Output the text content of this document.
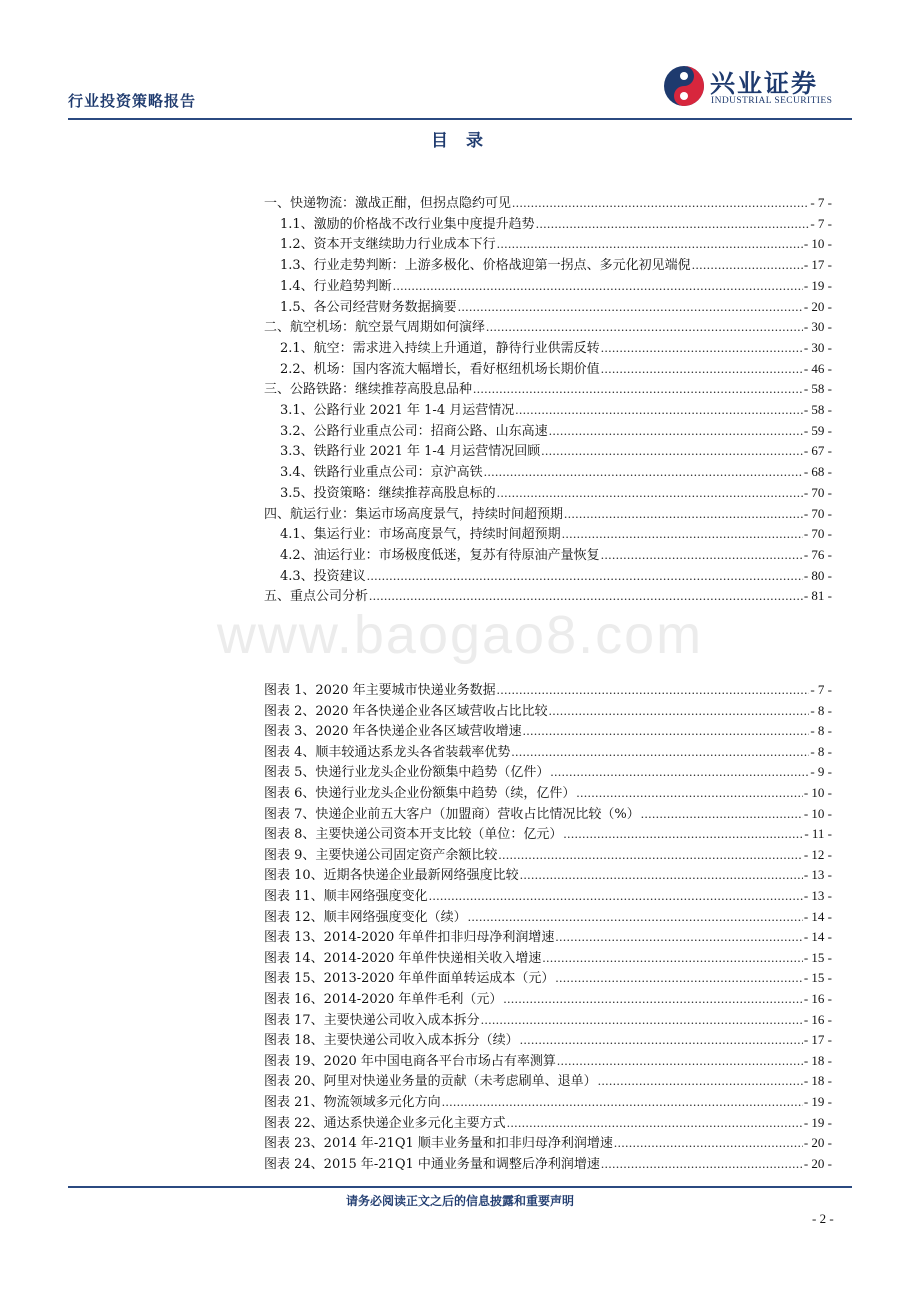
行业投资策略报告
兴业证券
INDUSTRIAL SECURITIES
目 录
一、快递物流：激战正酣，但拐点隐约可见 .....	- 7 -
1.1、激励的价格战不改行业集中度提升趋势 .....	- 7 -
1.2、资本开支继续助力行业成本下行 .....	- 10 -
1.3、行业走势判断：上游多极化、价格战迎第一拐点、多元化初见端倪 .....	- 17 -
1.4、行业趋势判断 .....	- 19 -
1.5、各公司经营财务数据摘要 .....	- 20 -
二、航空机场：航空景气周期如何演绎 .....	- 30 -
2.1、航空：需求进入持续上升通道，静待行业供需反转 .....	- 30 -
2.2、机场：国内客流大幅增长，看好枢纽机场长期价值 .....	- 46 -
三、公路铁路：继续推荐高股息品种 .....	- 58 -
3.1、公路行业 2021 年 1-4 月运营情况 .....	- 58 -
3.2、公路行业重点公司：招商公路、山东高速 .....	- 59 -
3.3、铁路行业 2021 年 1-4 月运营情况回顾 .....	- 67 -
3.4、铁路行业重点公司：京沪高铁 .....	- 68 -
3.5、投资策略：继续推荐高股息标的 .....	- 70 -
四、航运行业：集运市场高度景气，持续时间超预期 .....	- 70 -
4.1、集运行业：市场高度景气，持续时间超预期 .....	- 70 -
4.2、油运行业：市场极度低迷，复苏有待原油产量恢复 .....	- 76 -
4.3、投资建议 .....	- 80 -
五、重点公司分析 .....	- 81 -
www.baogao8.com
图表 1、2020 年主要城市快递业务数据 .....	- 7 -
图表 2、2020 年各快递企业各区域营收占比比较 .....	- 8 -
图表 3、2020 年各快递企业各区域营收增速 .....	- 8 -
图表 4、顺丰较通达系龙头各省装载率优势 .....	- 8 -
图表 5、快递行业龙头企业份额集中趋势（亿件） .....	- 9 -
图表 6、快递行业龙头企业份额集中趋势（续，亿件） .....	- 10 -
图表 7、快递企业前五大客户（加盟商）营收占比情况比较（%） .....	- 10 -
图表 8、主要快递公司资本开支比较（单位：亿元） .....	- 11 -
图表 9、主要快递公司固定资产余额比较 .....	- 12 -
图表 10、近期各快递企业最新网络强度比较 .....	- 13 -
图表 11、顺丰网络强度变化 .....	- 13 -
图表 12、顺丰网络强度变化（续） .....	- 14 -
图表 13、2014-2020 年单件扣非归母净利润增速 .....	- 14 -
图表 14、2014-2020 年单件快递相关收入增速 .....	- 15 -
图表 15、2013-2020 年单件面单转运成本（元） .....	- 15 -
图表 16、2014-2020 年单件毛利（元） .....	- 16 -
图表 17、主要快递公司收入成本拆分 .....	- 16 -
图表 18、主要快递公司收入成本拆分（续） .....	- 17 -
图表 19、2020 年中国电商各平台市场占有率测算 .....	- 18 -
图表 20、阿里对快递业务量的贡献（未考虑刷单、退单） .....	- 18 -
图表 21、物流领域多元化方向 .....	- 19 -
图表 22、通达系快递企业多元化主要方式 .....	- 19 -
图表 23、2014 年-21Q1 顺丰业务量和扣非归母净利润增速 .....	- 20 -
图表 24、2015 年-21Q1 中通业务量和调整后净利润增速 .....	- 20 -
请务必阅读正文之后的信息披露和重要声明
- 2 -
